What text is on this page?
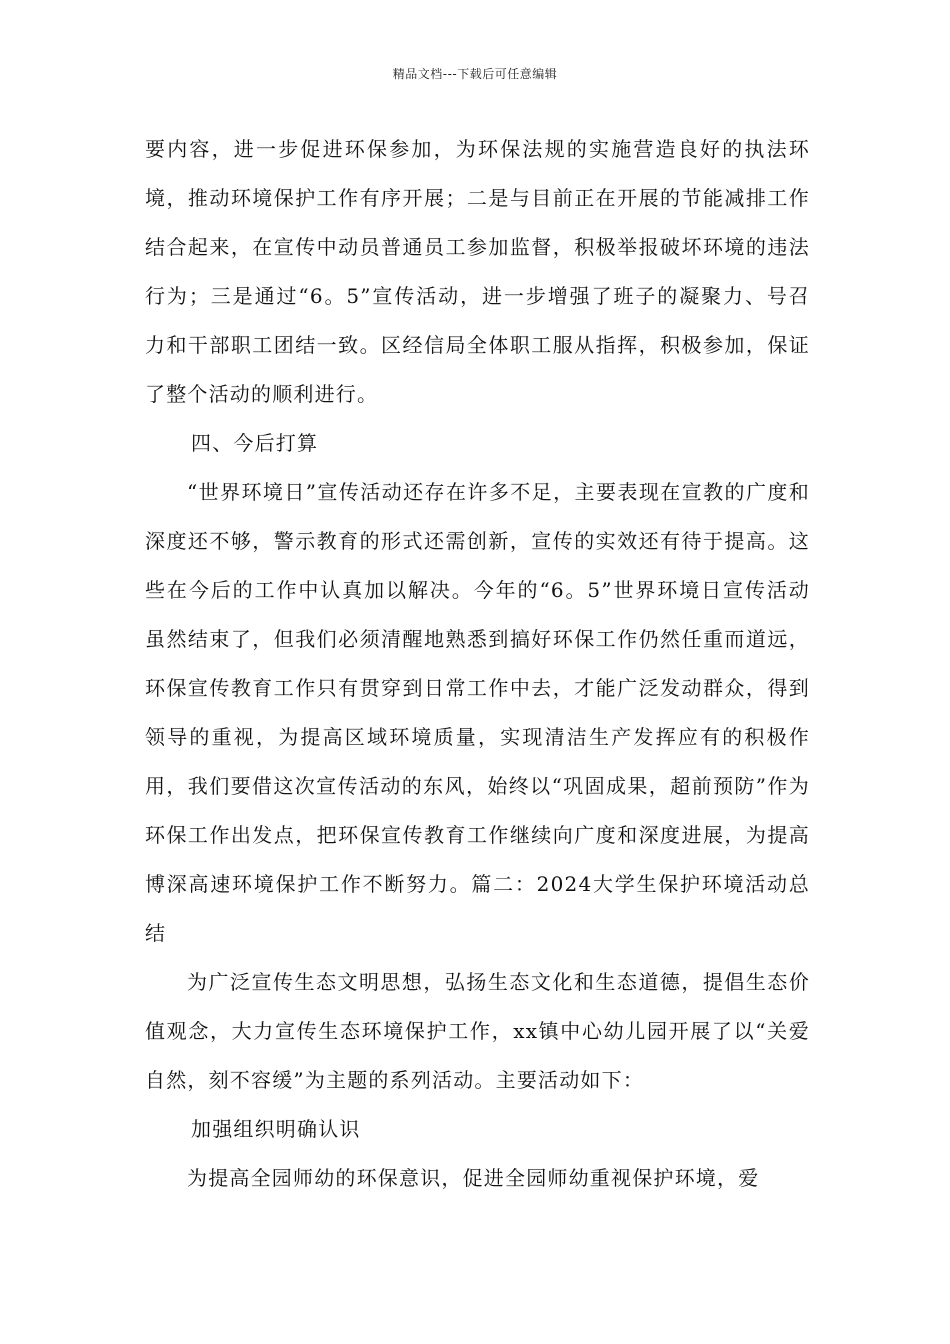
精品文档---下载后可任意编辑

要内容，进一步促进环保参加，为环保法规的实施营造良好的执法环境，推动环境保护工作有序开展；二是与目前正在开展的节能减排工作结合起来，在宣传中动员普通员工参加监督，积极举报破坏环境的违法行为；三是通过“6。5”宣传活动，进一步增强了班子的凝聚力、号召力和干部职工团结一致。区经信局全体职工服从指挥，积极参加，保证了整个活动的顺利进行。

四、今后打算

“世界环境日”宣传活动还存在许多不足，主要表现在宣教的广度和深度还不够，警示教育的形式还需创新，宣传的实效还有待于提高。这些在今后的工作中认真加以解决。今年的“6。5”世界环境日宣传活动虽然结束了，但我们必须清醒地熟悉到搞好环保工作仍然任重而道远，环保宣传教育工作只有贯穿到日常工作中去，才能广泛发动群众，得到领导的重视，为提高区域环境质量，实现清洁生产发挥应有的积极作用，我们要借这次宣传活动的东风，始终以“巩固成果，超前预防”作为环保工作出发点，把环保宣传教育工作继续向广度和深度进展，为提高博深高速环境保护工作不断努力。篇二：2024大学生保护环境活动总结

为广泛宣传生态文明思想，弘扬生态文化和生态道德，提倡生态价值观念，大力宣传生态环境保护工作，xx镇中心幼儿园开展了以“关爱自然，刻不容缓”为主题的系列活动。主要活动如下：

加强组织明确认识

为提高全园师幼的环保意识，促进全园师幼重视保护环境，爱
